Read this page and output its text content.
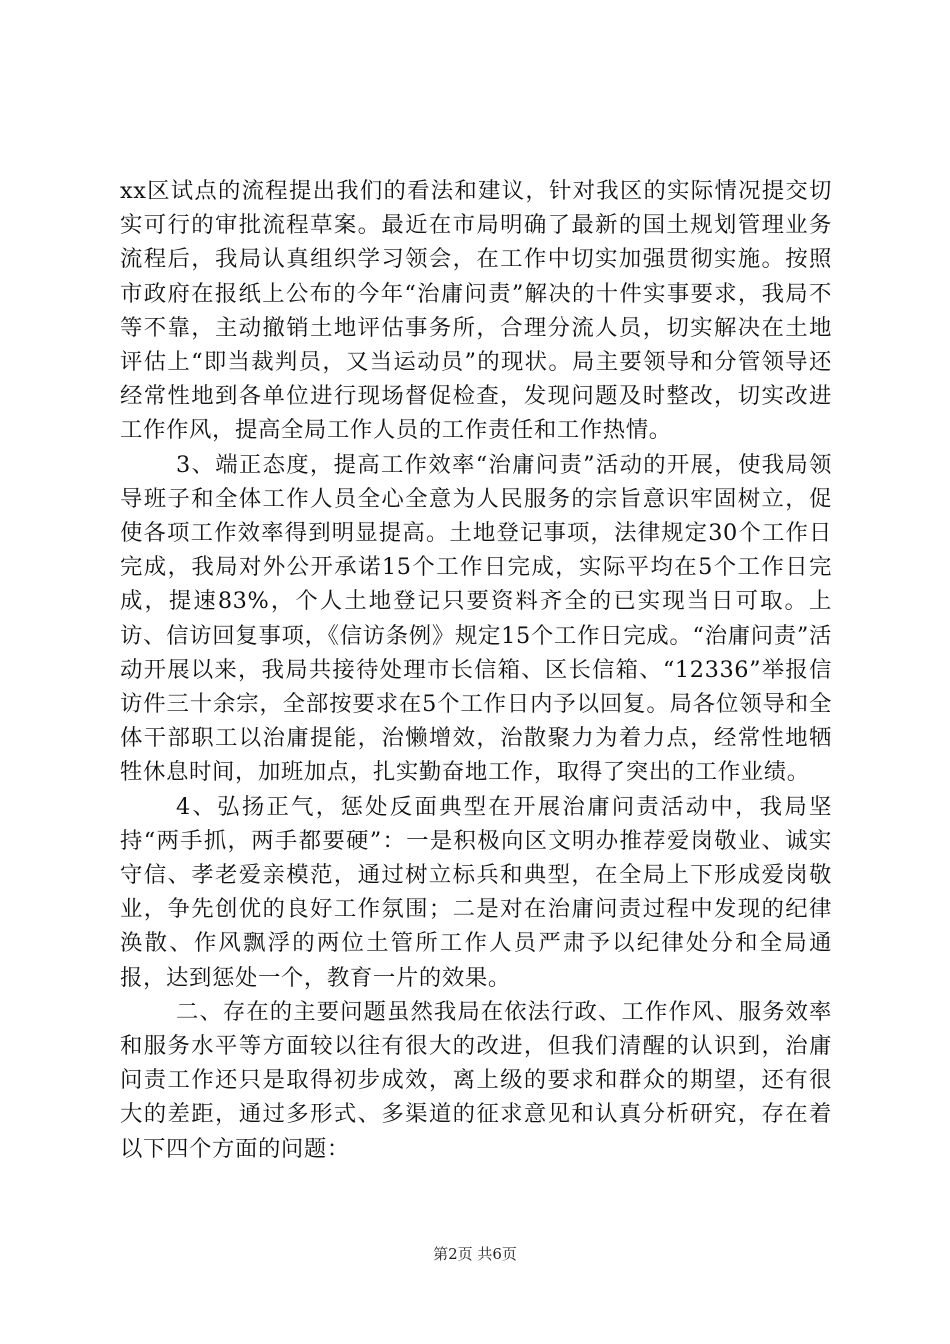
xx区试点的流程提出我们的看法和建议，针对我区的实际情况提交切实可行的审批流程草案。最近在市局明确了最新的国土规划管理业务流程后，我局认真组织学习领会，在工作中切实加强贯彻实施。按照市政府在报纸上公布的今年“治庸问责”解决的十件实事要求，我局不等不靠，主动撤销土地评估事务所，合理分流人员，切实解决在土地评估上“即当裁判员，又当运动员”的现状。局主要领导和分管领导还经常性地到各单位进行现场督促检查，发现问题及时整改，切实改进工作作风，提高全局工作人员的工作责任和工作热情。

3、端正态度，提高工作效率“治庸问责”活动的开展，使我局领导班子和全体工作人员全心全意为人民服务的宗旨意识牢固树立，促使各项工作效率得到明显提高。土地登记事项，法律规定30个工作日完成，我局对外公开承诺15个工作日完成，实际平均在5个工作日完成，提速83%，个人土地登记只要资料齐全的已实现当日可取。上访、信访回复事项，《信访条例》规定15个工作日完成。“治庸问责”活动开展以来，我局共接待处理市长信箱、区长信箱、“12336”举报信访件三十余宗，全部按要求在5个工作日内予以回复。局各位领导和全体干部职工以治庸提能，治懒增效，治散聚力为着力点，经常性地牺牲休息时间，加班加点，扎实勤奋地工作，取得了突出的工作业绩。

4、弘扬正气，惩处反面典型在开展治庸问责活动中，我局坚持“两手抓，两手都要硬”：一是积极向区文明办推荐爱岗敬业、诚实守信、孝老爱亲模范，通过树立标兵和典型，在全局上下形成爱岗敬业，争先创优的良好工作氛围；二是对在治庸问责过程中发现的纪律涣散、作风飘浮的两位土管所工作人员严肃予以纪律处分和全局通报，达到惩处一个，教育一片的效果。

二、存在的主要问题虽然我局在依法行政、工作作风、服务效率和服务水平等方面较以往有很大的改进，但我们清醒的认识到，治庸问责工作还只是取得初步成效，离上级的要求和群众的期望，还有很大的差距，通过多形式、多渠道的征求意见和认真分析研究，存在着以下四个方面的问题：

第2页 共6页
